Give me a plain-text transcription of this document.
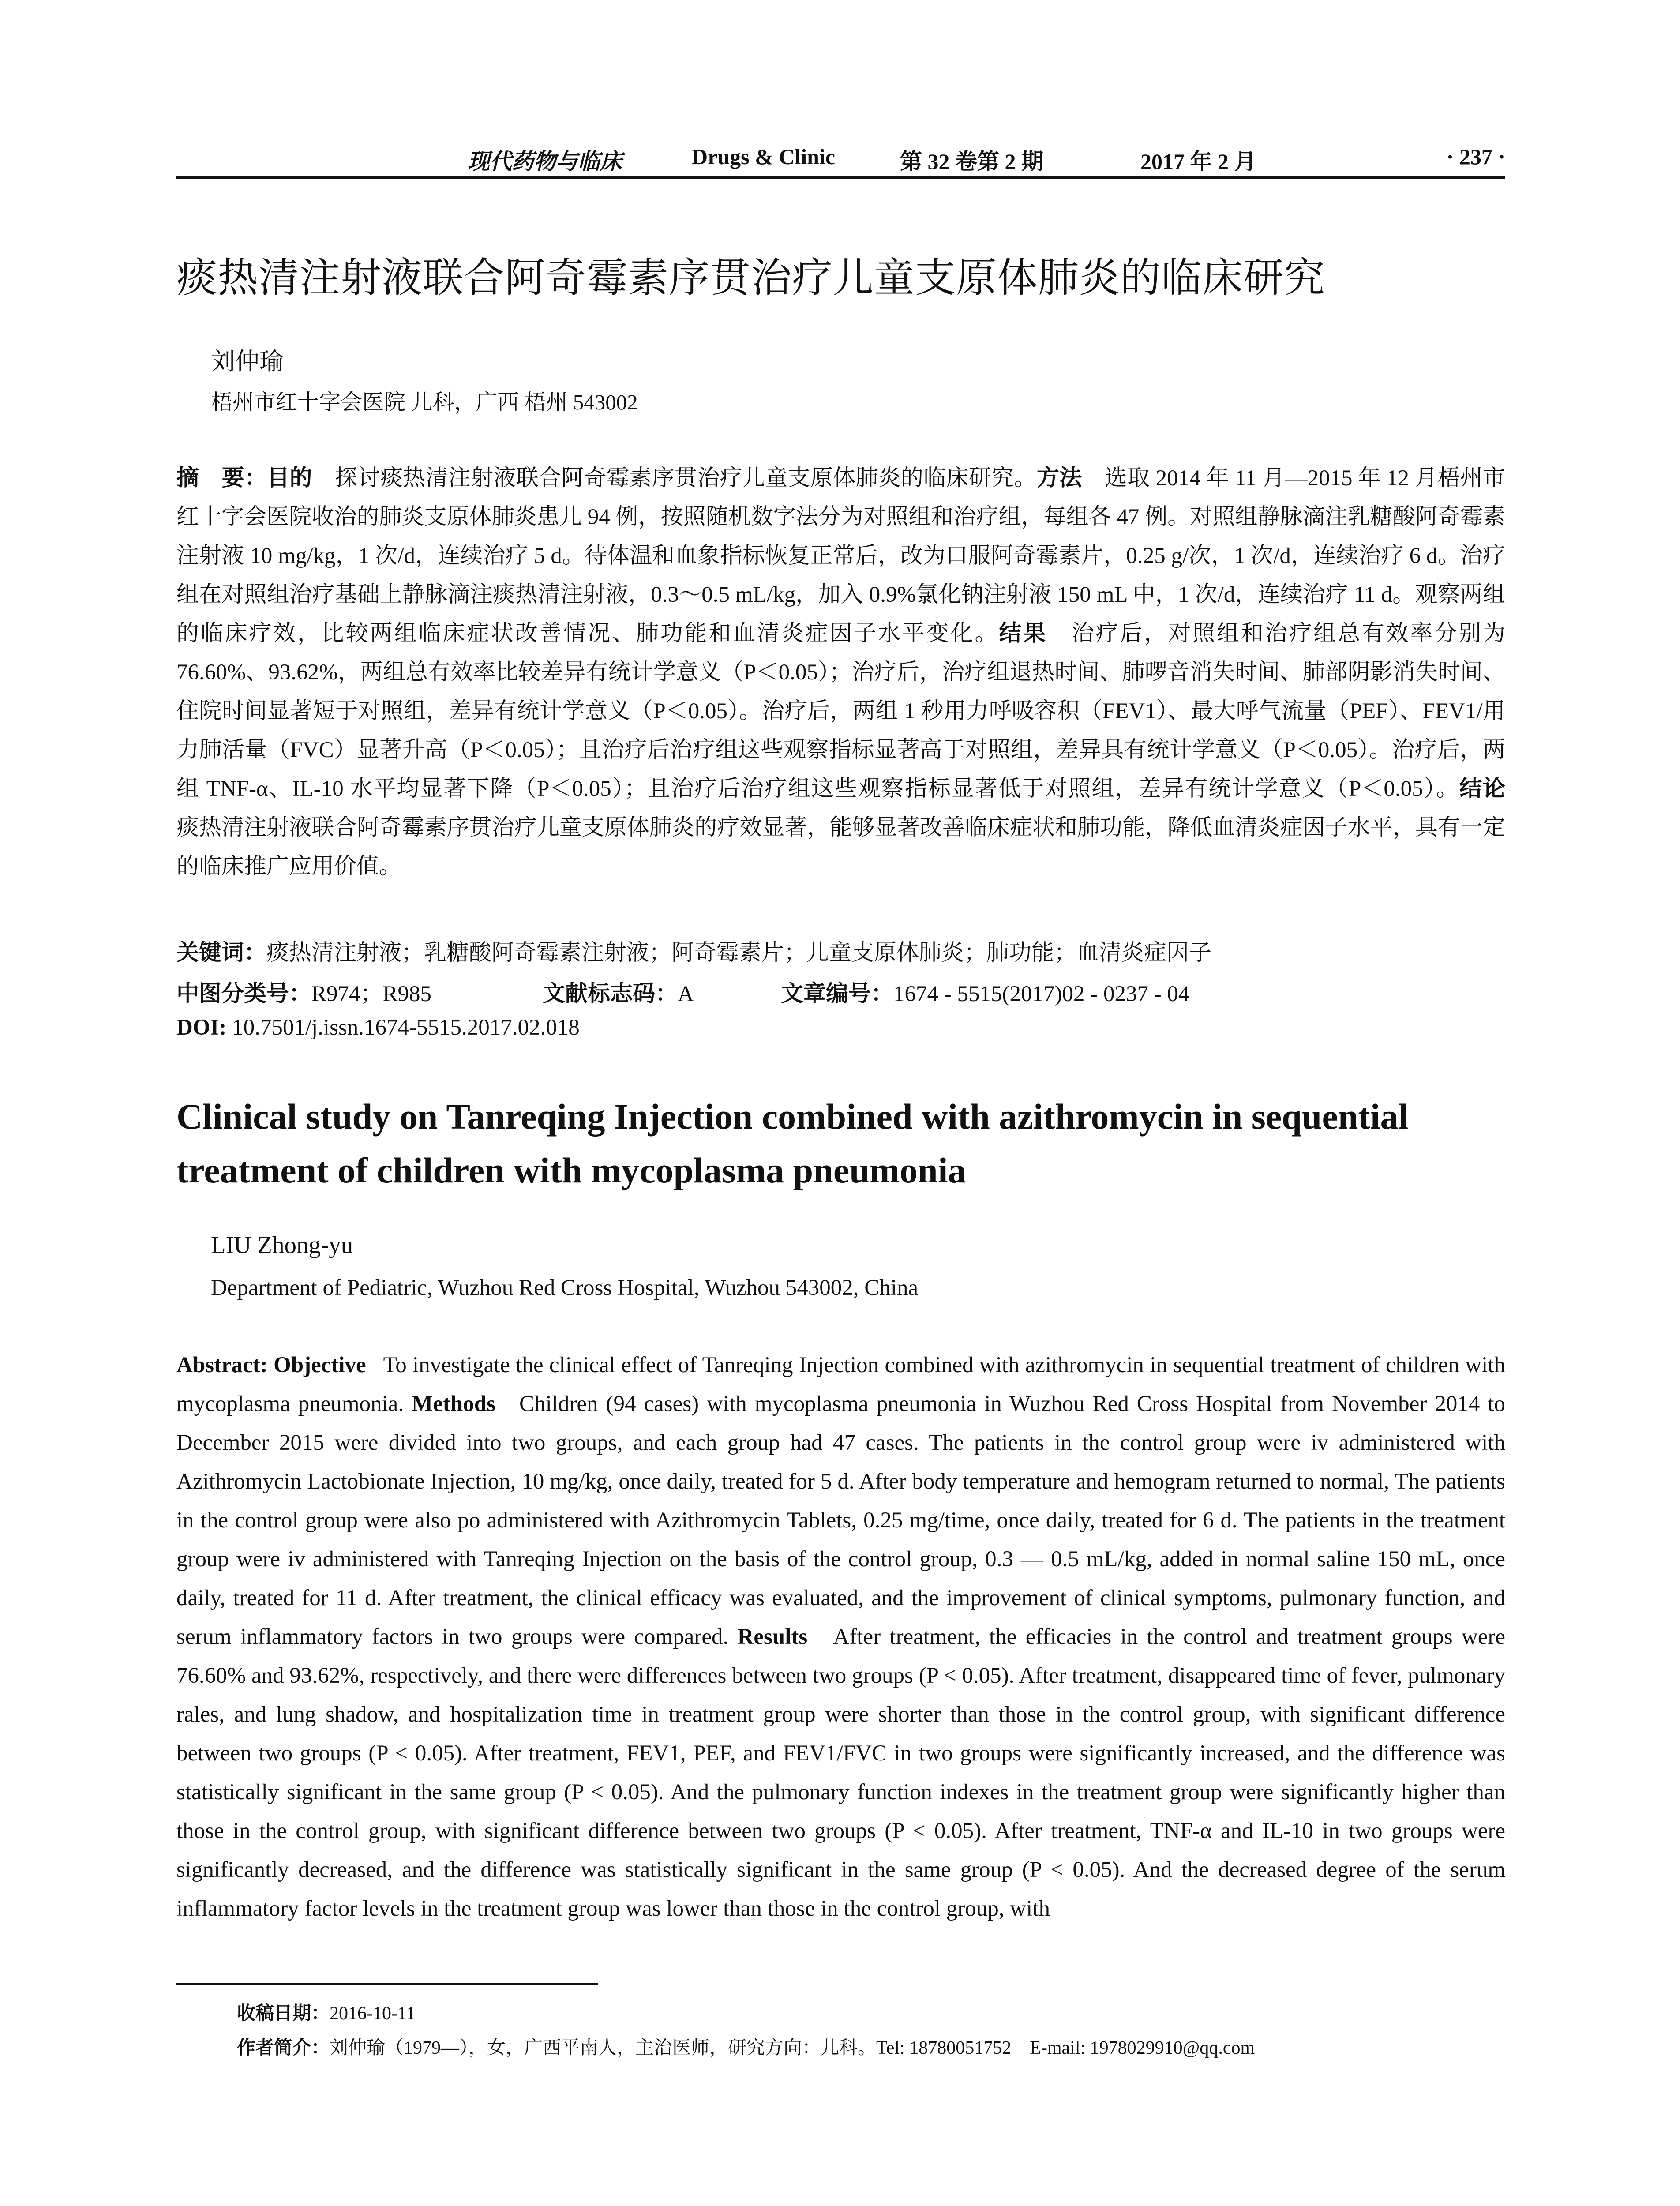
现代药物与临床	Drugs & Clinic	第 32 卷 第 2 期	2017 年 2 月	· 237 ·
痰热清注射液联合阿奇霉素序贯治疗儿童支原体肺炎的临床研究
刘仲瑜
梧州市红十字会医院 儿科，广西 梧州 543002
摘　要：目的　 探讨痰热清注射液联合阿奇霉素序贯治疗儿童支原体肺炎的临床研究。方法　 选取 2014 年 11 月—2015 年 12 月梧州市红十字会医院收治的肺炎支原体肺炎患儿 94 例，按照随机数字法分为对照组和治疗组，每组各 47 例。对照组静脉滴注乳糖酸阿奇霉素注射液 10 mg/kg，1 次/d，连续治疗 5 d。待体温和血象指标恢复正常后，改为口服阿奇霉素片，0.25 g/次，1 次/d，连续治疗 6 d。治疗组在对照组治疗基础上静脉滴注痰热清注射液，0.3～0.5 mL/kg，加入 0.9%氯化钠注射液 150 mL 中，1 次/d，连续治疗 11 d。观察两组的临床疗效，比较两组临床症状改善情况、肺功能和血清炎症因子水平变化。结果　 治疗后，对照组和治疗组总有效率分别为 76.60%、93.62%，两组总有效率比较差异有统计学意义（P＜0.05）；治疗后，治疗组退热时间、肺啰音消失时间、肺部阴影消失时间、住院时间显著短于对照组，差异有统计学意义（P＜0.05）。治疗后，两组 1 秒用力呼吸容积（FEV1）、最大呼气流量（PEF）、FEV1/用力肺活量（FVC）显著升高（P＜0.05）；且治疗后治疗组这些观察指标显著高于对照组，差异具有统计学意义（P＜0.05）。治疗后，两组 TNF-α、IL-10 水平均显著下降（P＜0.05）；且治疗后治疗组这些观察指标显著低于对照组，差异有统计学意义（P＜0.05）。结论　痰热清注射液联合阿奇霉素序贯治疗儿童支原体肺炎的疗效显著，能够显著改善临床症状和肺功能，降低血清炎症因子水平，具有一定的临床推广应用价值。
关键词：痰热清注射液；乳糖酸阿奇霉素注射液；阿奇霉素片；儿童支原体肺炎；肺功能；血清炎症因子
中图分类号：R974；R985	文献标志码：A	文章编号：1674 - 5515(2017)02 - 0237 - 04
DOI: 10.7501/j.issn.1674-5515.2017.02.018
Clinical study on Tanreqing Injection combined with azithromycin in sequential treatment of children with mycoplasma pneumonia
LIU Zhong-yu
Department of Pediatric, Wuzhou Red Cross Hospital, Wuzhou 543002, China
Abstract: Objective To investigate the clinical effect of Tanreqing Injection combined with azithromycin in sequential treatment of children with mycoplasma pneumonia. Methods Children (94 cases) with mycoplasma pneumonia in Wuzhou Red Cross Hospital from November 2014 to December 2015 were divided into two groups, and each group had 47 cases. The patients in the control group were iv administered with Azithromycin Lactobionate Injection, 10 mg/kg, once daily, treated for 5 d. After body temperature and hemogram returned to normal, The patients in the control group were also po administered with Azithromycin Tablets, 0.25 mg/time, once daily, treated for 6 d. The patients in the treatment group were iv administered with Tanreqing Injection on the basis of the control group, 0.3 — 0.5 mL/kg, added in normal saline 150 mL, once daily, treated for 11 d. After treatment, the clinical efficacy was evaluated, and the improvement of clinical symptoms, pulmonary function, and serum inflammatory factors in two groups were compared. Results After treatment, the efficacies in the control and treatment groups were 76.60% and 93.62%, respectively, and there were differences between two groups (P < 0.05). After treatment, disappeared time of fever, pulmonary rales, and lung shadow, and hospitalization time in treatment group were shorter than those in the control group, with significant difference between two groups (P < 0.05). After treatment, FEV1, PEF, and FEV1/FVC in two groups were significantly increased, and the difference was statistically significant in the same group (P < 0.05). And the pulmonary function indexes in the treatment group were significantly higher than those in the control group, with significant difference between two groups (P < 0.05). After treatment, TNF-α and IL-10 in two groups were significantly decreased, and the difference was statistically significant in the same group (P < 0.05). And the decreased degree of the serum inflammatory factor levels in the treatment group was lower than those in the control group, with
收稿日期：2016-10-11
作者简介：刘仲瑜（1979—），女，广西平南人，主治医师，研究方向：儿科。Tel: 18780051752　E-mail: 1978029910@qq.com
